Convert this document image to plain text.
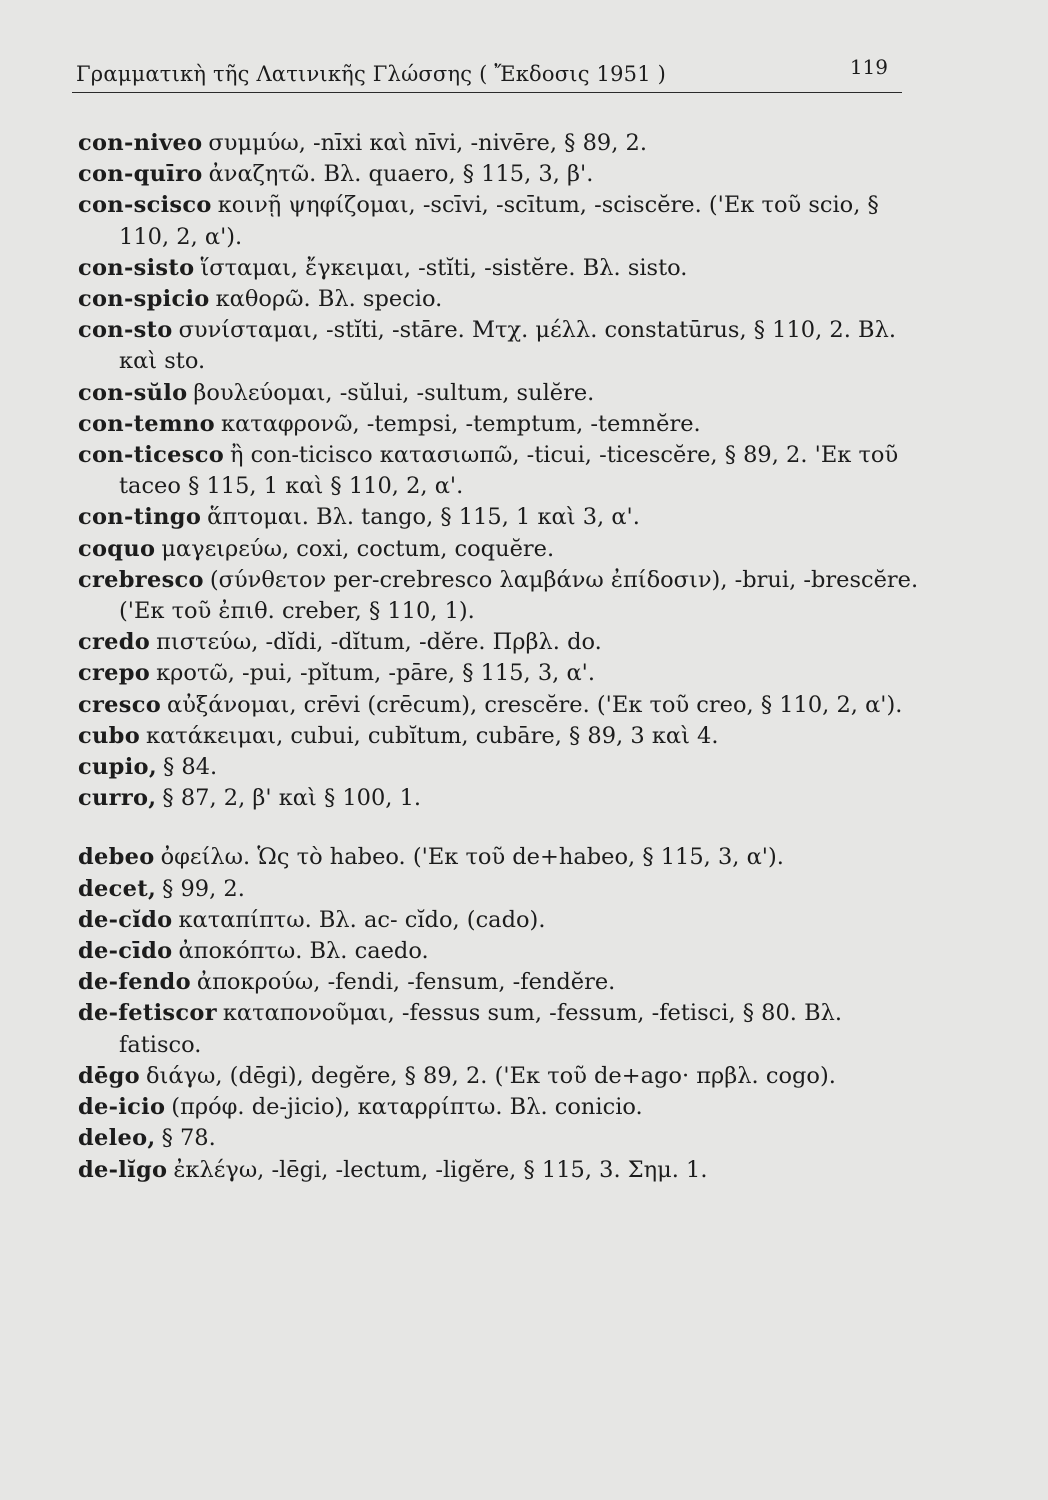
Γραμματικὴ τῆς Λατινικῆς Γλώσσης ( Ἔκδοσις 1951 )	119

con-niveo συμμύω, -nīxi καὶ nīvi, -nivēre, § 89, 2.

con-quīro ἀναζητῶ. Βλ. quaero, § 115, 3, β'.

con-scisco κοινῇ ψηφίζομαι, -scīvi, -scītum, -sciscĕre. ('Εκ τοῦ scio, § 110, 2, α').

con-sisto ἵσταμαι, ἔγκειμαι, -stĭti, -sistĕre. Βλ. sisto.

con-spicio καθορῶ. Βλ. specio.

con-sto συνίσταμαι, -stĭti, -stāre. Μτχ. μέλλ. constatūrus, § 110, 2. Βλ. καὶ sto.

con-sŭlo βουλεύομαι, -sŭlui, -sultum, sulĕre.

con-temno καταφρονῶ, -tempsi, -temptum, -temnĕre.

con-ticesco ἢ con-ticisco κατασιωπῶ, -ticui, -ticescĕre, § 89, 2. 'Εκ τοῦ taceo § 115, 1 καὶ § 110, 2, α'.

con-tingo ἅπτομαι. Βλ. tango, § 115, 1 καὶ 3, α'.

coquo μαγειρεύω, coxi, coctum, coquĕre.

crebresco (σύνθετον per-crebresco λαμβάνω ἐπίδοσιν), -brui, -brescĕre. ('Εκ τοῦ ἐπιθ. creber, § 110, 1).

credo πιστεύω, -dĭdi, -dĭtum, -dĕre. Πρβλ. do.

crepo κροτῶ, -pui, -pĭtum, -pāre, § 115, 3, α'.

cresco αὐξάνομαι, crēvi (crēcum), crescĕre. ('Εκ τοῦ creo, § 110, 2, α').

cubo κατάκειμαι, cubui, cubĭtum, cubāre, § 89, 3 καὶ 4.

cupio, § 84.

curro, § 87, 2, β' καὶ § 100, 1.

debeo ὀφείλω. Ὡς τὸ habeo. ('Εκ τοῦ de+habeo, § 115, 3, α').

decet, § 99, 2.

de-cĭdo καταπίπτω. Βλ. ac- cĭdo, (cado).

de-cīdo ἀποκόπτω. Βλ. caedo.

de-fendo ἀποκρούω, -fendi, -fensum, -fendĕre.

de-fetiscor καταπονοῦμαι, -fessus sum, -fessum, -fetisci, § 80. Βλ. fatisco.

dēgo διάγω, (dēgi), degĕre, § 89, 2. ('Εκ τοῦ de+ago· πρβλ. cogo).

de-icio (πρόφ. de-jicio), καταρρίπτω. Βλ. conicio.

deleo, § 78.

de-lĭgo ἐκλέγω, -lēgi, -lectum, -ligĕre, § 115, 3. Σημ. 1.
